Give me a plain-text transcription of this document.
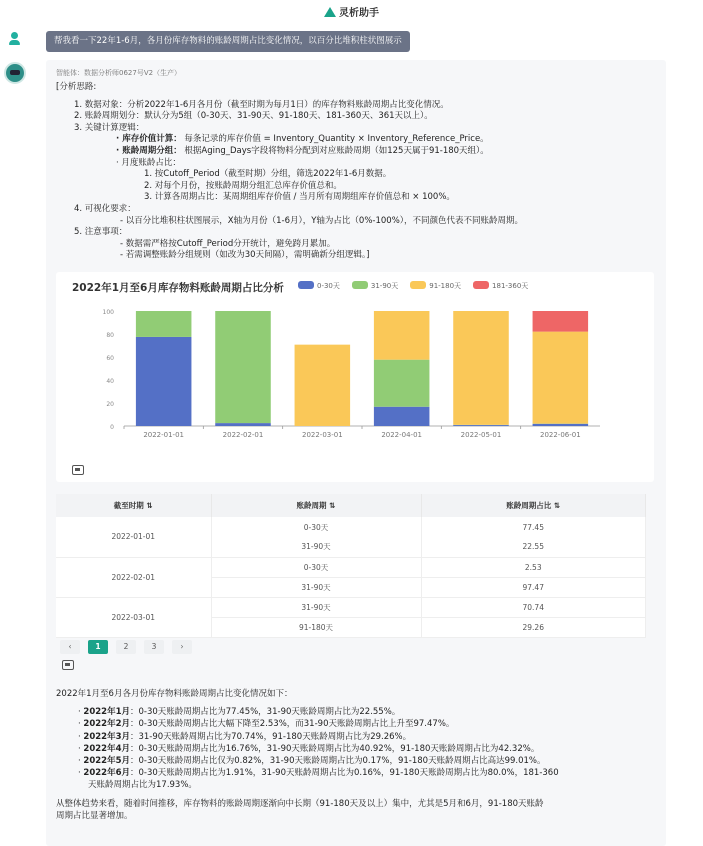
灵析助手
帮我看一下22年1-6月，各月份库存物料的账龄周期占比变化情况，以百分比堆积柱状图展示
智能体：数据分析师0627号V2（生产）
[分析思路:
1. 数据对象：分析2022年1-6月各月份（截至时期为每月1日）的库存物料账龄周期占比变化情况。
2. 账龄周期划分：默认分为5组（0-30天、31-90天、91-180天、181-360天、361天以上）。
3. 关键计算逻辑：
· 库存价值计算： 每条记录的库存价值 = Inventory_Quantity × Inventory_Reference_Price。
· 账龄周期分组： 根据Aging_Days字段将物料分配到对应账龄周期（如125天属于91-180天组）。
· 月度账龄占比：
1. 按Cutoff_Period（截至时期）分组，筛选2022年1-6月数据。
2. 对每个月份，按账龄周期分组汇总库存价值总和。
3. 计算各周期占比：某周期组库存价值 / 当月所有周期组库存价值总和 × 100%。
4. 可视化要求：
- 以百分比堆积柱状图展示，X轴为月份（1-6月），Y轴为占比（0%-100%），不同颜色代表不同账龄周期。
5. 注意事项：
- 数据需严格按Cutoff_Period分开统计，避免跨月累加。
- 若需调整账龄分组规则（如改为30天间隔），需明确新分组逻辑。]
2022年1月至6月库存物料账龄周期占比分析	0-30天	31-90天	91-180天	181-360天
0
20
40
60
80
100
2022-01-01	2022-02-01	2022-03-01	2022-04-01	2022-05-01	2022-06-01
截至时期 ⇅	账龄周期 ⇅	账龄周期占比 ⇅
2022-01-01	0-30天	77.45
	31-90天	22.55
2022-02-01	0-30天	2.53
	31-90天	97.47
2022-03-01	31-90天	70.74
	91-180天	29.26
‹	1	2	3	›
2022年1月至6月各月份库存物料账龄周期占比变化情况如下：
· 2022年1月：0-30天账龄周期占比为77.45%，31-90天账龄周期占比为22.55%。
· 2022年2月：0-30天账龄周期占比大幅下降至2.53%，而31-90天账龄周期占比上升至97.47%。
· 2022年3月：31-90天账龄周期占比为70.74%，91-180天账龄周期占比为29.26%。
· 2022年4月：0-30天账龄周期占比为16.76%，31-90天账龄周期占比为40.92%，91-180天账龄周期占比为42.32%。
· 2022年5月：0-30天账龄周期占比仅为0.82%，31-90天账龄周期占比为0.17%，91-180天账龄周期占比高达99.01%。
· 2022年6月：0-30天账龄周期占比为1.91%，31-90天账龄周期占比为0.16%，91-180天账龄周期占比为80.0%，181-360
天账龄周期占比为17.93%。
从整体趋势来看，随着时间推移，库存物料的账龄周期逐渐向中长期（91-180天及以上）集中，尤其是5月和6月，91-180天账龄
周期占比显著增加。
